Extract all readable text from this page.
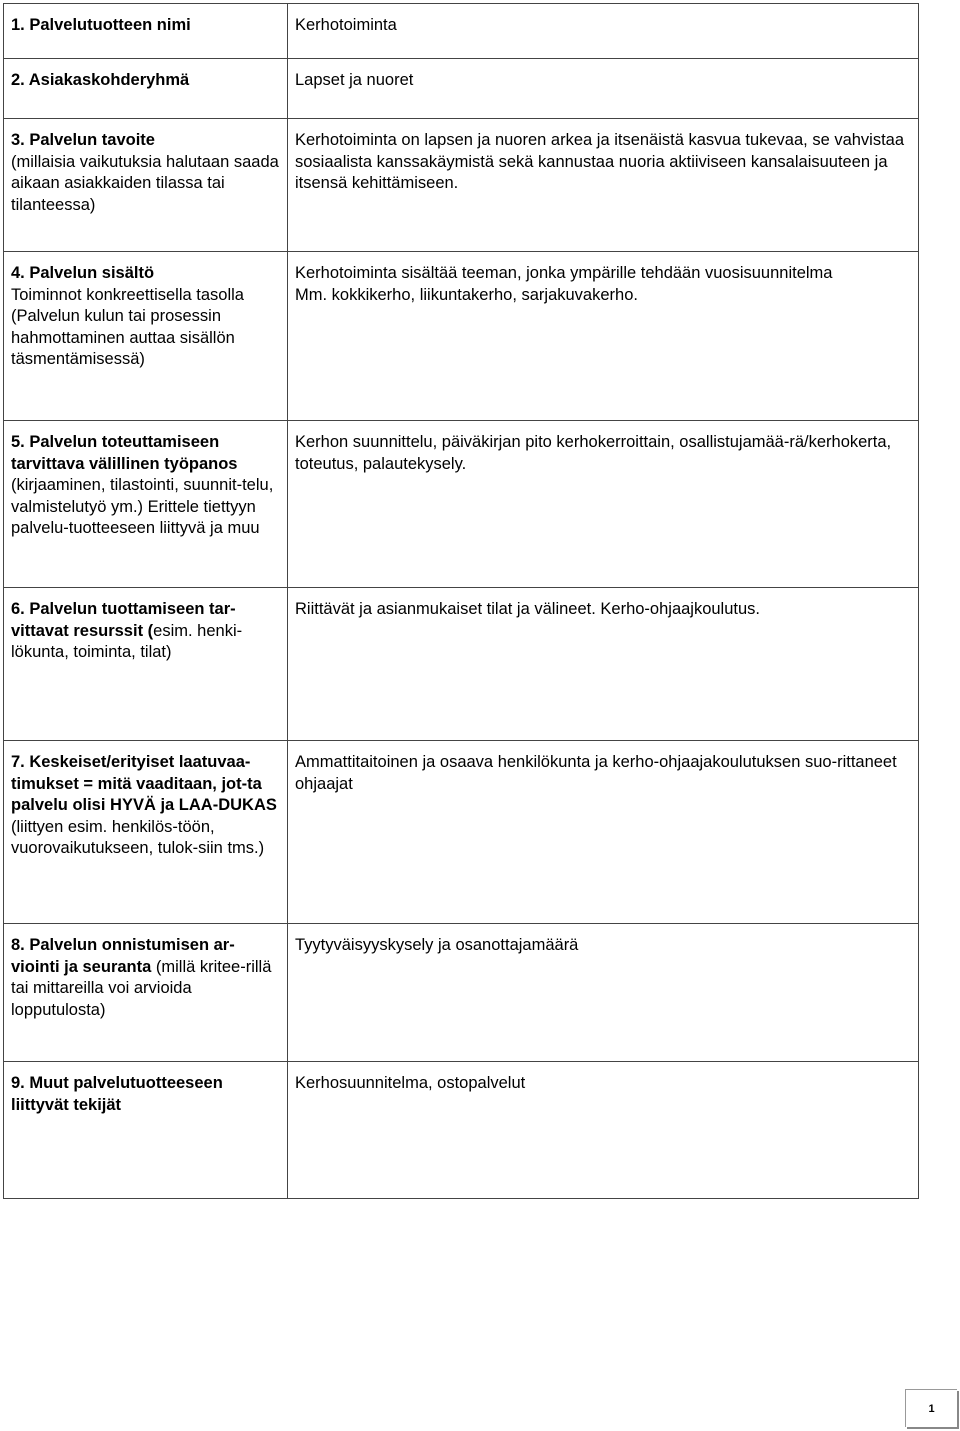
1. Palvelutuotteen nimi	Kerhotoiminta
2. Asiakaskohderyhmä	Lapset ja nuoret
3. Palvelun tavoite
(millaisia vaikutuksia halutaan saada aikaan asiakkaiden tilassa tai tilanteessa)	Kerhotoiminta on lapsen ja nuoren arkea ja itsenäistä kasvua tukevaa, se vahvistaa sosiaalista kanssakäymistä sekä kannustaa nuoria aktiiviseen kansalaisuuteen ja itsensä kehittämiseen.
4. Palvelun sisältö
Toiminnot konkreettisella tasolla (Palvelun kulun tai prosessin hahmottaminen auttaa sisällön täsmentämisessä)	Kerhotoiminta sisältää teeman, jonka ympärille tehdään vuosisuunnitelma
Mm. kokkikerho, liikuntakerho, sarjakuvakerho.
5. Palvelun toteuttamiseen tarvittava välillinen työpanos
(kirjaaminen, tilastointi, suunnit-telu, valmistelutyö ym.) Erittele tiettyyn palvelu-tuotteeseen liittyvä ja muu	Kerhon suunnittelu, päiväkirjan pito kerhokerroittain, osallistujamää-rä/kerhokerta, toteutus, palautekysely.
6. Palvelun tuottamiseen tar-vittavat resurssit (esim. henki-lökunta, toiminta, tilat)	Riittävät ja asianmukaiset tilat ja välineet. Kerho-ohjaajkoulutus.
7. Keskeiset/erityiset laatuvaa-timukset = mitä vaaditaan, jot-ta palvelu olisi HYVÄ ja LAA-DUKAS (liittyen esim. henkilös-töön, vuorovaikutukseen, tulok-siin tms.)	Ammattitaitoinen ja osaava henkilökunta ja kerho-ohjaajakoulutuksen suo-rittaneet ohjaajat
8. Palvelun onnistumisen ar-viointi ja seuranta (millä kritee-rillä tai mittareilla voi arvioida lopputulosta)	Tyytyväisyyskysely ja osanottajamäärä
9. Muut palvelutuotteeseen liittyvät tekijät	Kerhosuunnitelma, ostopalvelut
1
